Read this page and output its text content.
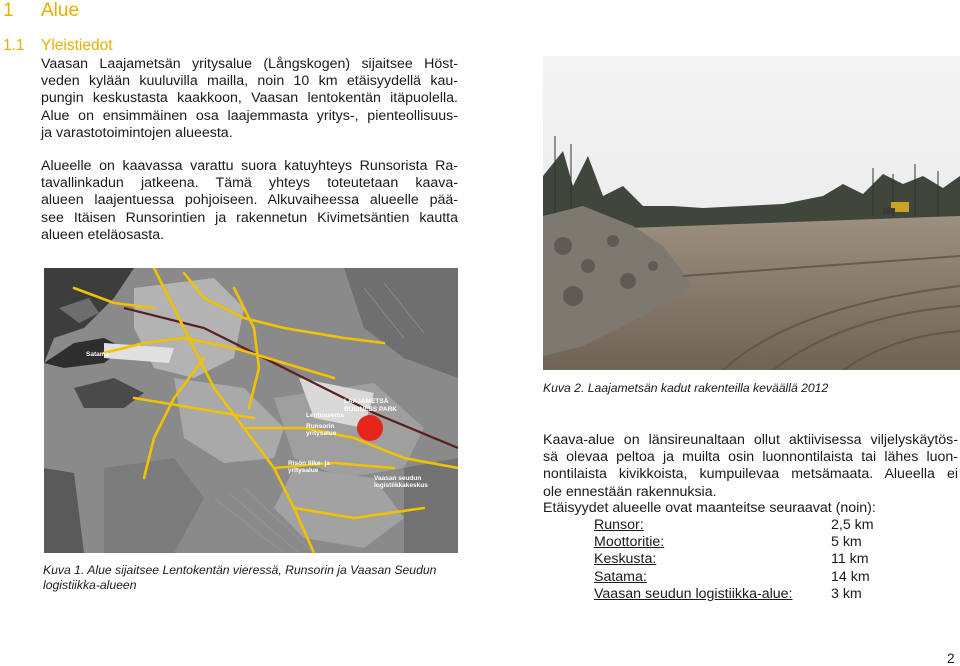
1 Alue
1.1 Yleistiedot
Vaasan Laajametsän yritysalue (Långskogen) sijaitsee Höst-
veden kylään kuuluvilla mailla, noin 10 km etäisyydellä kau-
pungin keskustasta kaakkoon, Vaasan lentokentän itäpuolella.
Alue on ensimmäinen osa laajemmasta yritys-, pienteollisuus-
ja varastotoimintojen alueesta.
Alueelle on kaavassa varattu suora katuyhteys Runsorista Ra-
tavallinkadun jatkeena. Tämä yhteys toteutetaan kaava-
alueen laajentuessa pohjoiseen. Alkuvaiheessa alueelle pää-
see Itäisen Runsorintien ja rakennetun Kivimetsäntien kautta
alueen eteläosasta.
Satama
LAAJAMETSÄ
BUSINESS PARK
Lentoasema
Runsorin
yritysalue
Risön liike- ja
yritysalue
Vaasan seudun
logistiikkakeskus
Kuva 1. Alue sijaitsee Lentokentän vieressä, Runsorin ja Vaasan Seudun
logistiikka-alueen
Kuva 2. Laajametsän kadut rakenteilla keväällä 2012
Kaava-alue on länsireunaltaan ollut aktiivisessa viljelyskäytös-
sä olevaa peltoa ja muilta osin luonnontilaista tai lähes luon-
nontilaista kivikkoista, kumpuilevaa metsämaata. Alueella ei
ole ennestään rakennuksia.
Etäisyydet alueelle ovat maanteitse seuraavat (noin):
Runsor:	2,5 km
Moottoritie:	5 km
Keskusta:	11 km
Satama:	14 km
Vaasan seudun logistiikka-alue:	3 km
2
